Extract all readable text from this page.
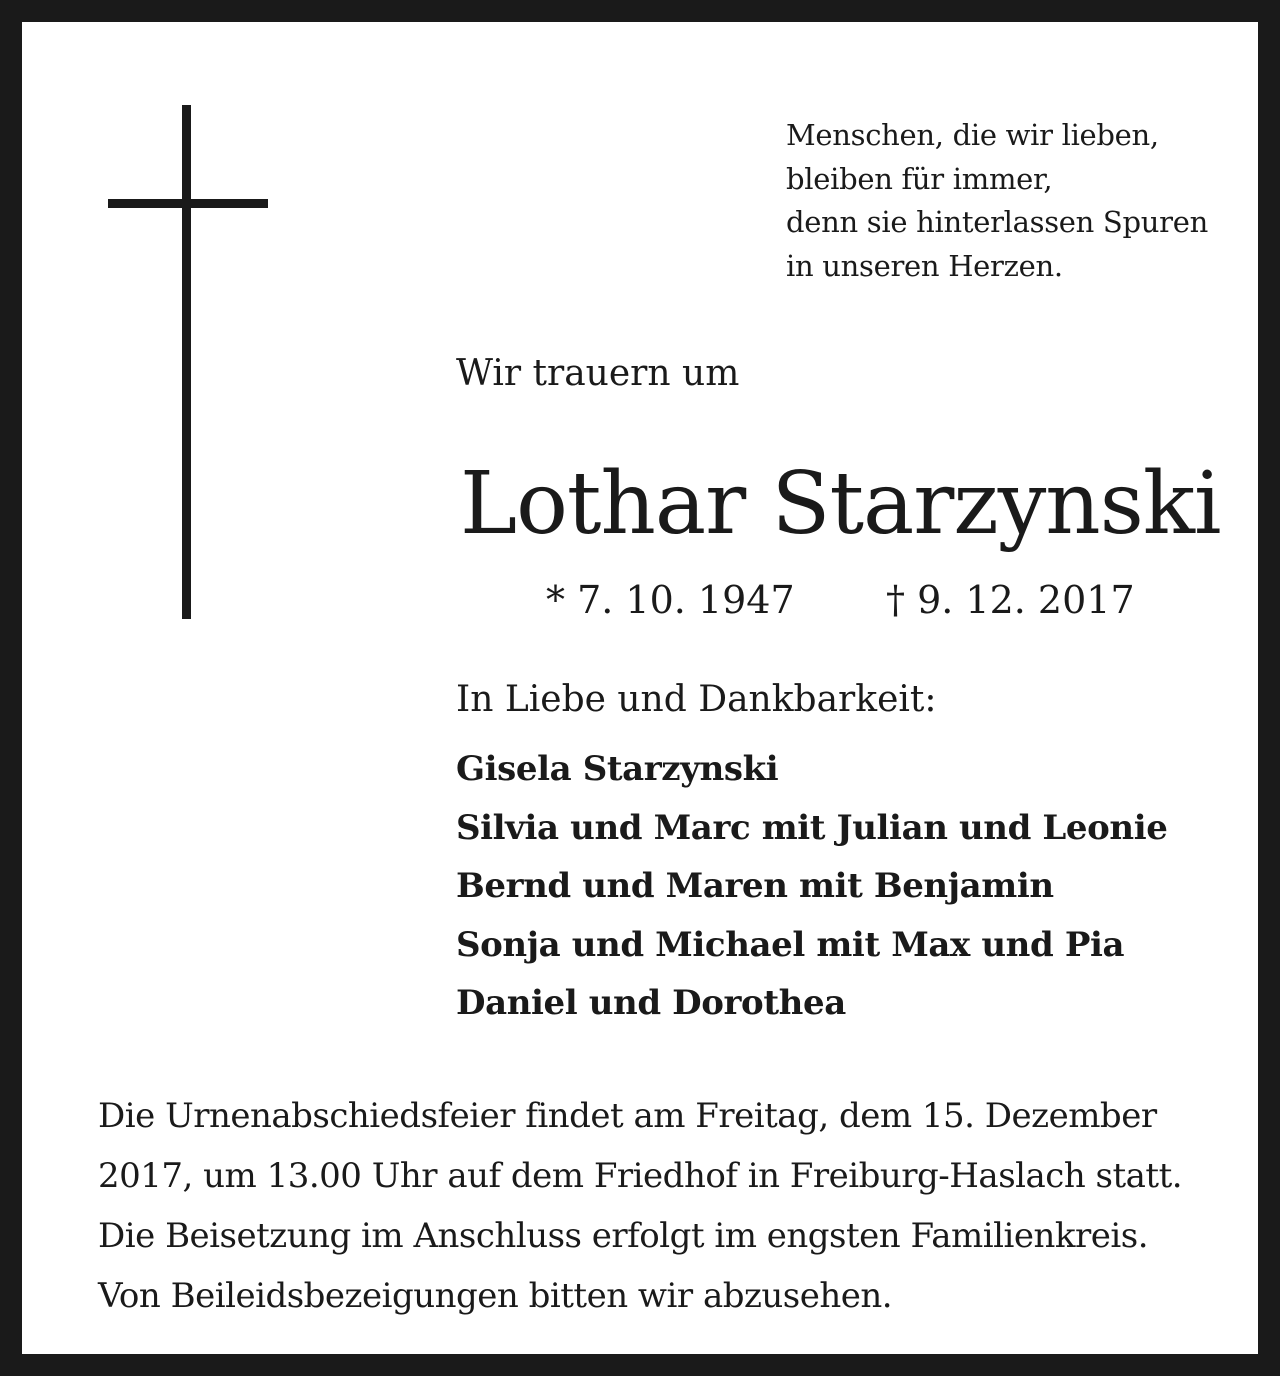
Menschen, die wir lieben,
bleiben für immer,
denn sie hinterlassen Spuren
in unseren Herzen.
Wir trauern um
Lothar Starzynski
* 7. 10. 1947 † 9. 12. 2017
In Liebe und Dankbarkeit:
Gisela Starzynski
Silvia und Marc mit Julian und Leonie
Bernd und Maren mit Benjamin
Sonja und Michael mit Max und Pia
Daniel und Dorothea
Die Urnenabschiedsfeier findet am Freitag, dem 15. Dezember
2017, um 13.00 Uhr auf dem Friedhof in Freiburg-Haslach statt.
Die Beisetzung im Anschluss erfolgt im engsten Familienkreis.
Von Beileidsbezeigungen bitten wir abzusehen.
